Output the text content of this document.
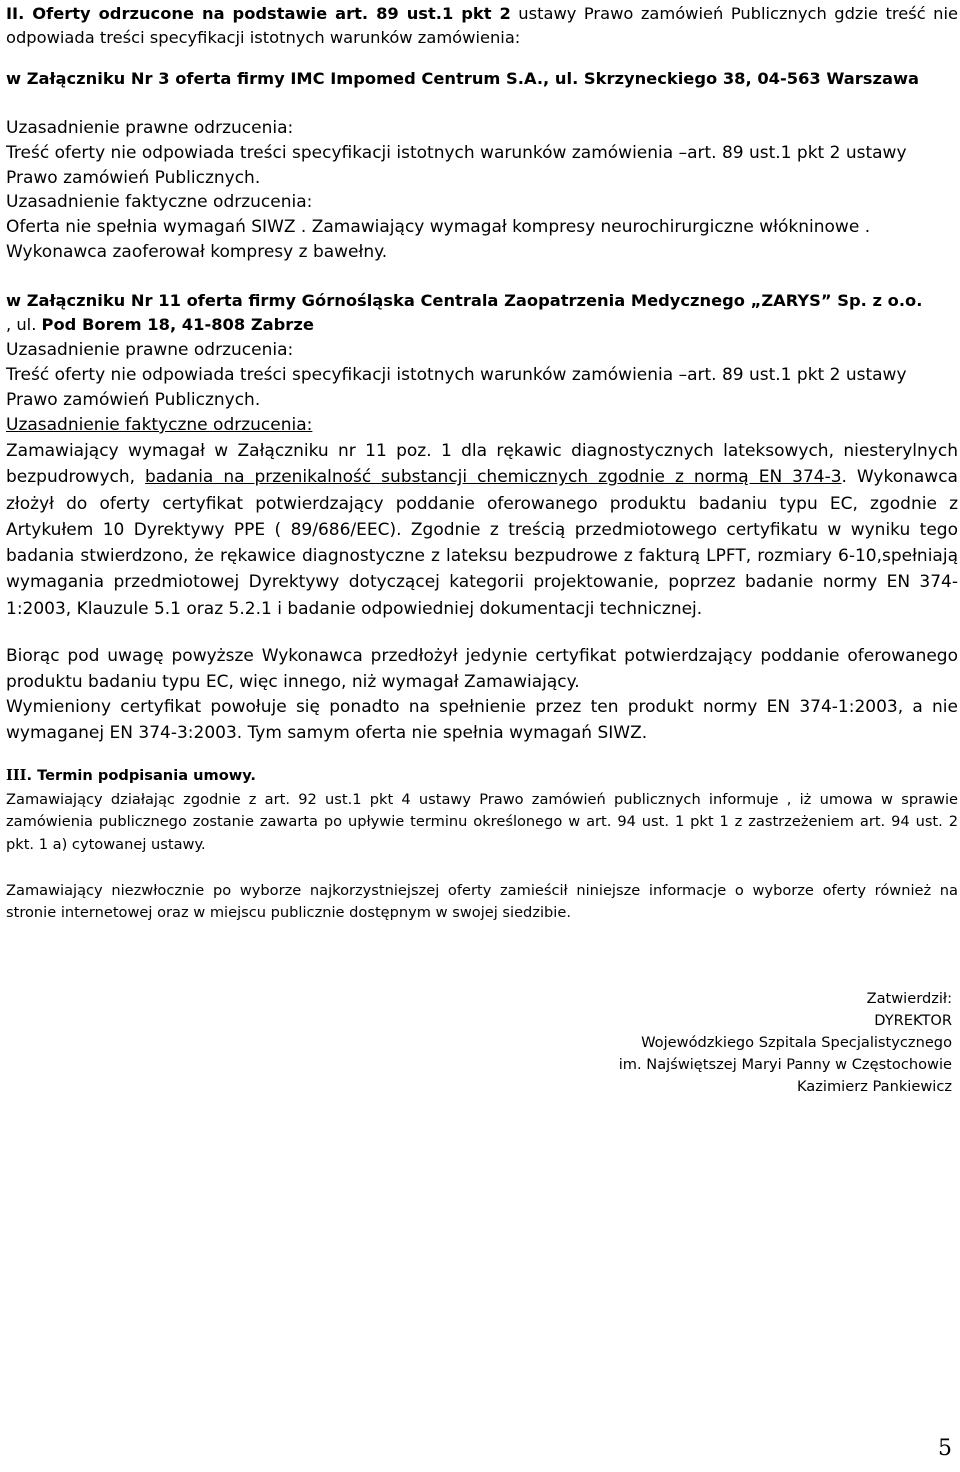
II. Oferty odrzucone na podstawie art. 89 ust.1 pkt 2 ustawy Prawo zamówień Publicznych gdzie treść nie odpowiada treści specyfikacji istotnych warunków zamówienia:
w Załączniku Nr 3 oferta firmy IMC Impomed Centrum S.A., ul. Skrzyneckiego 38, 04-563 Warszawa
Uzasadnienie prawne odrzucenia:
Treść oferty nie odpowiada treści specyfikacji istotnych warunków zamówienia –art. 89 ust.1 pkt 2 ustawy Prawo zamówień Publicznych.
Uzasadnienie faktyczne odrzucenia:
Oferta nie spełnia wymagań SIWZ . Zamawiający wymagał kompresy neurochirurgiczne włókninowe . Wykonawca zaoferował kompresy z bawełny.
w Załączniku Nr 11 oferta firmy Górnośląska Centrala Zaopatrzenia Medycznego „ZARYS” Sp. z o.o.
, ul. Pod Borem 18, 41-808 Zabrze
Uzasadnienie prawne odrzucenia:
Treść oferty nie odpowiada treści specyfikacji istotnych warunków zamówienia –art. 89 ust.1 pkt 2 ustawy Prawo zamówień Publicznych.
Uzasadnienie faktyczne odrzucenia:
Zamawiający wymagał w Załączniku nr 11 poz. 1 dla rękawic diagnostycznych lateksowych, niesterylnych bezpudrowych, badania na przenikalność substancji chemicznych zgodnie z normą EN 374-3. Wykonawca złożył do oferty certyfikat potwierdzający poddanie oferowanego produktu badaniu typu EC, zgodnie z Artykułem 10 Dyrektywy PPE ( 89/686/EEC). Zgodnie z treścią przedmiotowego certyfikatu w wyniku tego badania stwierdzono, że rękawice diagnostyczne z lateksu bezpudrowe z fakturą LPFT, rozmiary 6-10,spełniają wymagania przedmiotowej Dyrektywy dotyczącej kategorii projektowanie, poprzez badanie normy EN 374-1:2003, Klauzule 5.1 oraz 5.2.1 i badanie odpowiedniej dokumentacji technicznej.
Biorąc pod uwagę powyższe Wykonawca przedłożył jedynie certyfikat potwierdzający poddanie oferowanego produktu badaniu typu EC, więc innego, niż wymagał Zamawiający.
Wymieniony certyfikat powołuje się ponadto na spełnienie przez ten produkt normy EN 374-1:2003, a nie wymaganej EN 374-3:2003. Tym samym oferta nie spełnia wymagań SIWZ.
III. Termin podpisania umowy.
Zamawiający działając zgodnie z art. 92 ust.1 pkt 4 ustawy Prawo zamówień publicznych informuje , iż umowa w sprawie zamówienia publicznego zostanie zawarta po upływie terminu określonego w art. 94 ust. 1 pkt 1 z zastrzeżeniem art. 94 ust. 2 pkt. 1 a) cytowanej ustawy.
Zamawiający niezwłocznie po wyborze najkorzystniejszej oferty zamieścił niniejsze informacje o wyborze oferty również na stronie internetowej oraz w miejscu publicznie dostępnym w swojej siedzibie.
Zatwierdził:
DYREKTOR
Wojewódzkiego Szpitala Specjalistycznego
im. Najświętszej Maryi Panny w Częstochowie
Kazimierz Pankiewicz
5
